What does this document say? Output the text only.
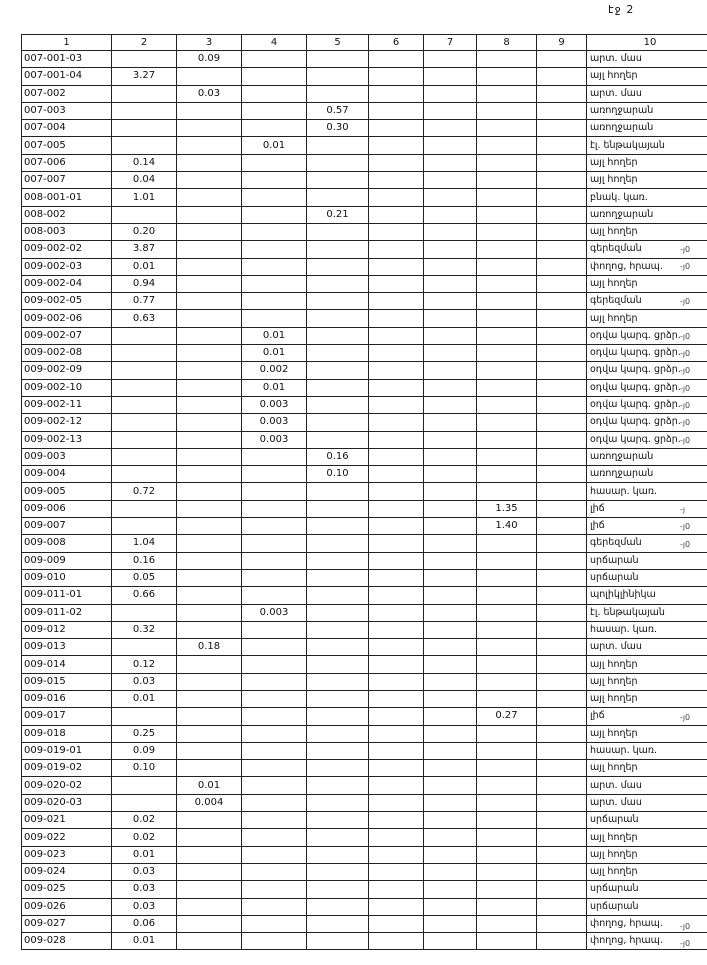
էջ 2
1	2	3	4	5	6	7	8	9	10
007-001-03		0.09							արտ. մաս
007-001-04	3.27								այլ հողեր
007-002		0.03							արտ. մաս
007-003				0.57					առողջարան
007-004				0.30					առողջարան
007-005			0.01						էլ. ենթակայան
007-006	0.14								այլ հողեր
007-007	0.04								այլ հողեր
008-001-01	1.01								բնակ. կառ.
008-002				0.21					առողջարան
008-003	0.20								այլ հողեր
009-002-02	3.87								գերեզման
009-002-03	0.01								փողոց, հրապ.
009-002-04	0.94								այլ հողեր
009-002-05	0.77								գերեզման
009-002-06	0.63								այլ հողեր
009-002-07			0.01						օդվա կարգ. ցրձր.
009-002-08			0.01						օդվա կարգ. ցրձր.
009-002-09			0.002						օդվա կարգ. ցրձր.
009-002-10			0.01						օդվա կարգ. ցրձր.
009-002-11			0.003						օդվա կարգ. ցրձր.
009-002-12			0.003						օդվա կարգ. ցրձր.
009-002-13			0.003						օդվա կարգ. ցրձր.
009-003				0.16					առողջարան
009-004				0.10					առողջարան
009-005	0.72								հասար. կառ.
009-006							1.35		լիճ
009-007							1.40		լիճ
009-008	1.04								գերեզման
009-009	0.16								սրճարան
009-010	0.05								սրճարան
009-011-01	0.66								պոլիկլինիկա
009-011-02			0.003						էլ. ենթակայան
009-012	0.32								հասար. կառ.
009-013		0.18							արտ. մաս
009-014	0.12								այլ հողեր
009-015	0.03								այլ հողեր
009-016	0.01								այլ հողեր
009-017							0.27		լիճ
009-018	0.25								այլ հողեր
009-019-01	0.09								հասար. կառ.
009-019-02	0.10								այլ հողեր
009-020-02		0.01							արտ. մաս
009-020-03		0.004							արտ. մաս
009-021	0.02								սրճարան
009-022	0.02								այլ հողեր
009-023	0.01								այլ հողեր
009-024	0.03								այլ հողեր
009-025	0.03								սրճարան
009-026	0.03								սրճարան
009-027	0.06								փողոց, հրապ.
009-028	0.01								փողոց, հրապ.
-յ0
-յ0
-յ0
-յ0
-յ0
-յ0
-յ0
-յ0
-յ0
-յ0
-յ
-յ0
-յ0
-յ0
-յ0
-յ0
